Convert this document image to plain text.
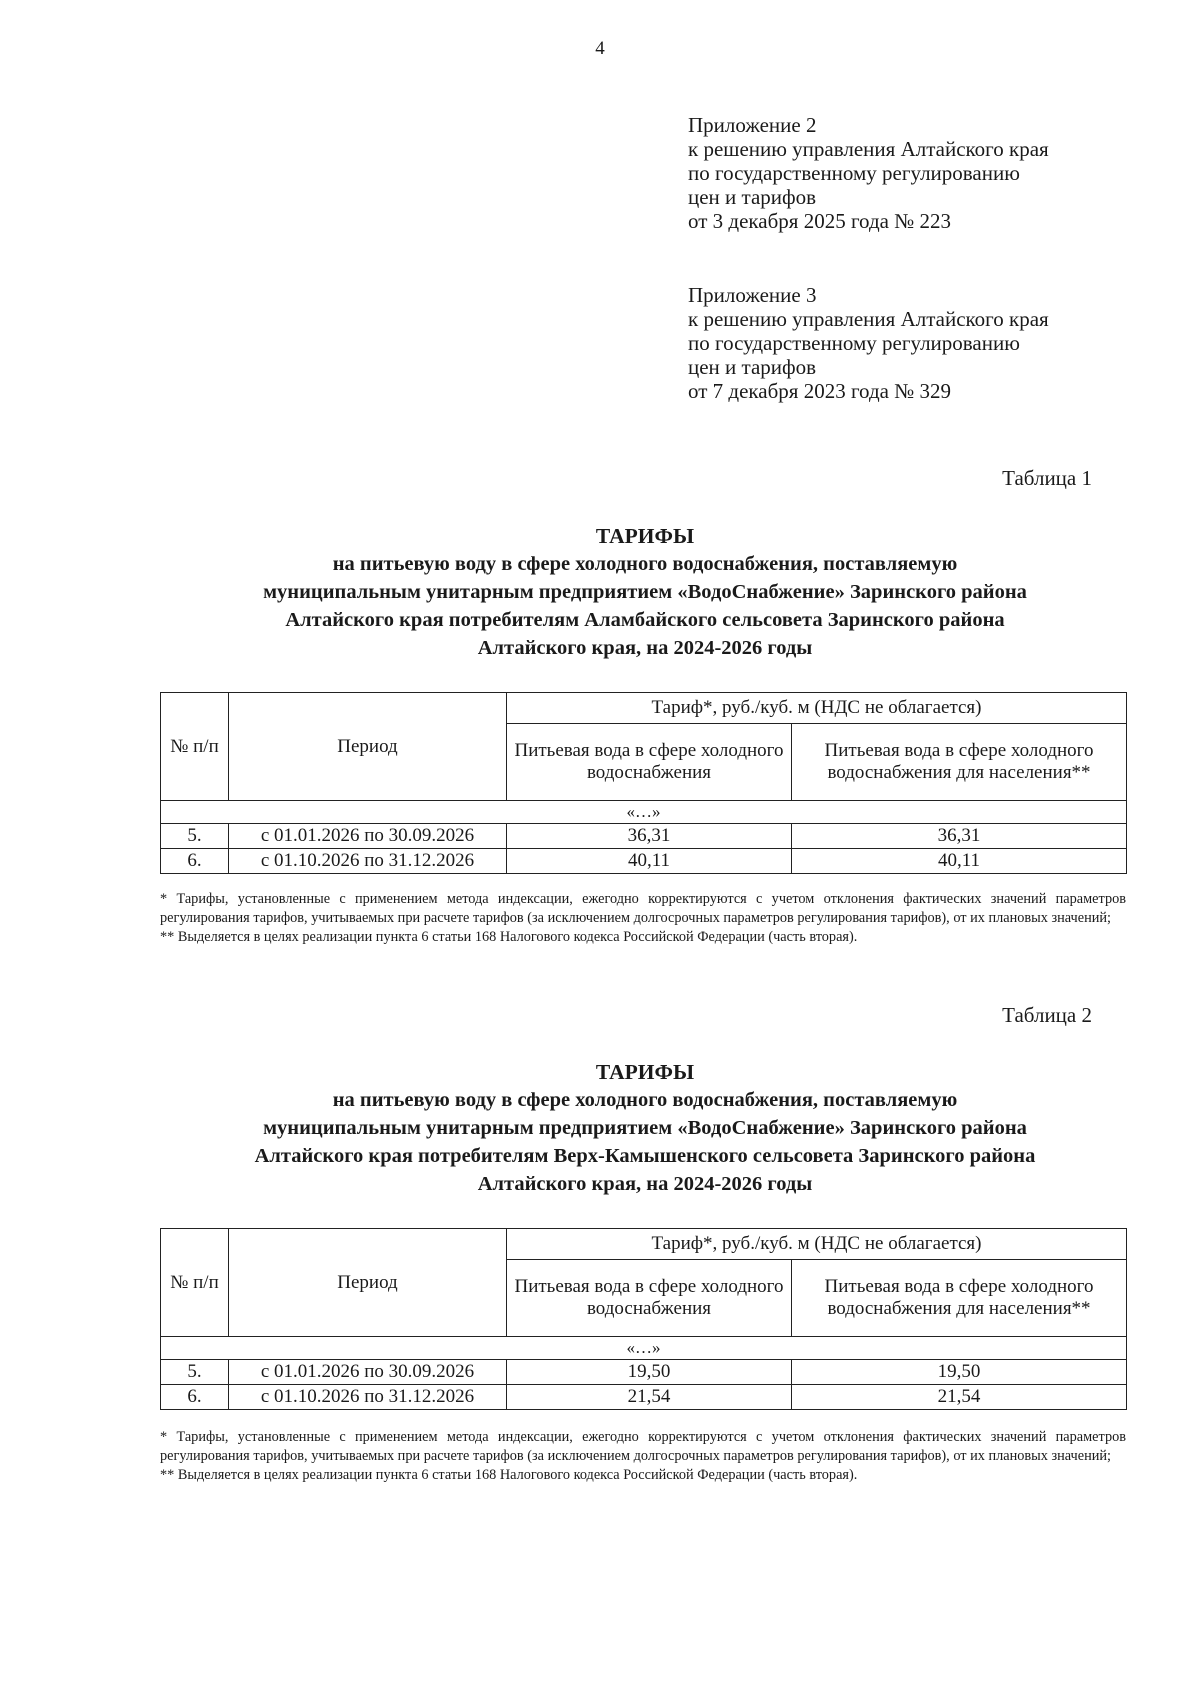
4
Приложение 2
к решению управления Алтайского края
по государственному регулированию
цен и тарифов
от 3 декабря 2025 года № 223
Приложение 3
к решению управления Алтайского края
по государственному регулированию
цен и тарифов
от 7 декабря 2023 года № 329
Таблица 1
ТАРИФЫ
на питьевую воду в сфере холодного водоснабжения, поставляемую
муниципальным унитарным предприятием «ВодоСнабжение» Заринского района
Алтайского края потребителям Аламбайского сельсовета Заринского района
Алтайского края, на 2024-2026 годы
№ п/п	Период	Тариф*, руб./куб. м (НДС не облагается)	
		Питьевая вода в сфере холодного водоснабжения	Питьевая вода в сфере холодного водоснабжения для населения**
«…»			
5.	с 01.01.2026 по 30.09.2026	36,31	36,31
6.	с 01.10.2026 по 31.12.2026	40,11	40,11

* Тарифы, установленные с применением метода индексации, ежегодно корректируются с учетом отклонения фактических значений параметров регулирования тарифов, учитываемых при расчете тарифов (за исключением долгосрочных параметров регулирования тарифов), от их плановых значений;

** Выделяется в целях реализации пункта 6 статьи 168 Налогового кодекса Российской Федерации (часть вторая).

Таблица 2
ТАРИФЫ
на питьевую воду в сфере холодного водоснабжения, поставляемую
муниципальным унитарным предприятием «ВодоСнабжение» Заринского района
Алтайского края потребителям Верх-Камышенского сельсовета Заринского района
Алтайского края, на 2024-2026 годы
№ п/п	Период	Тариф*, руб./куб. м (НДС не облагается)	
		Питьевая вода в сфере холодного водоснабжения	Питьевая вода в сфере холодного водоснабжения для населения**
«…»			
5.	с 01.01.2026 по 30.09.2026	19,50	19,50
6.	с 01.10.2026 по 31.12.2026	21,54	21,54

* Тарифы, установленные с применением метода индексации, ежегодно корректируются с учетом отклонения фактических значений параметров регулирования тарифов, учитываемых при расчете тарифов (за исключением долгосрочных параметров регулирования тарифов), от их плановых значений;

** Выделяется в целях реализации пункта 6 статьи 168 Налогового кодекса Российской Федерации (часть вторая).
